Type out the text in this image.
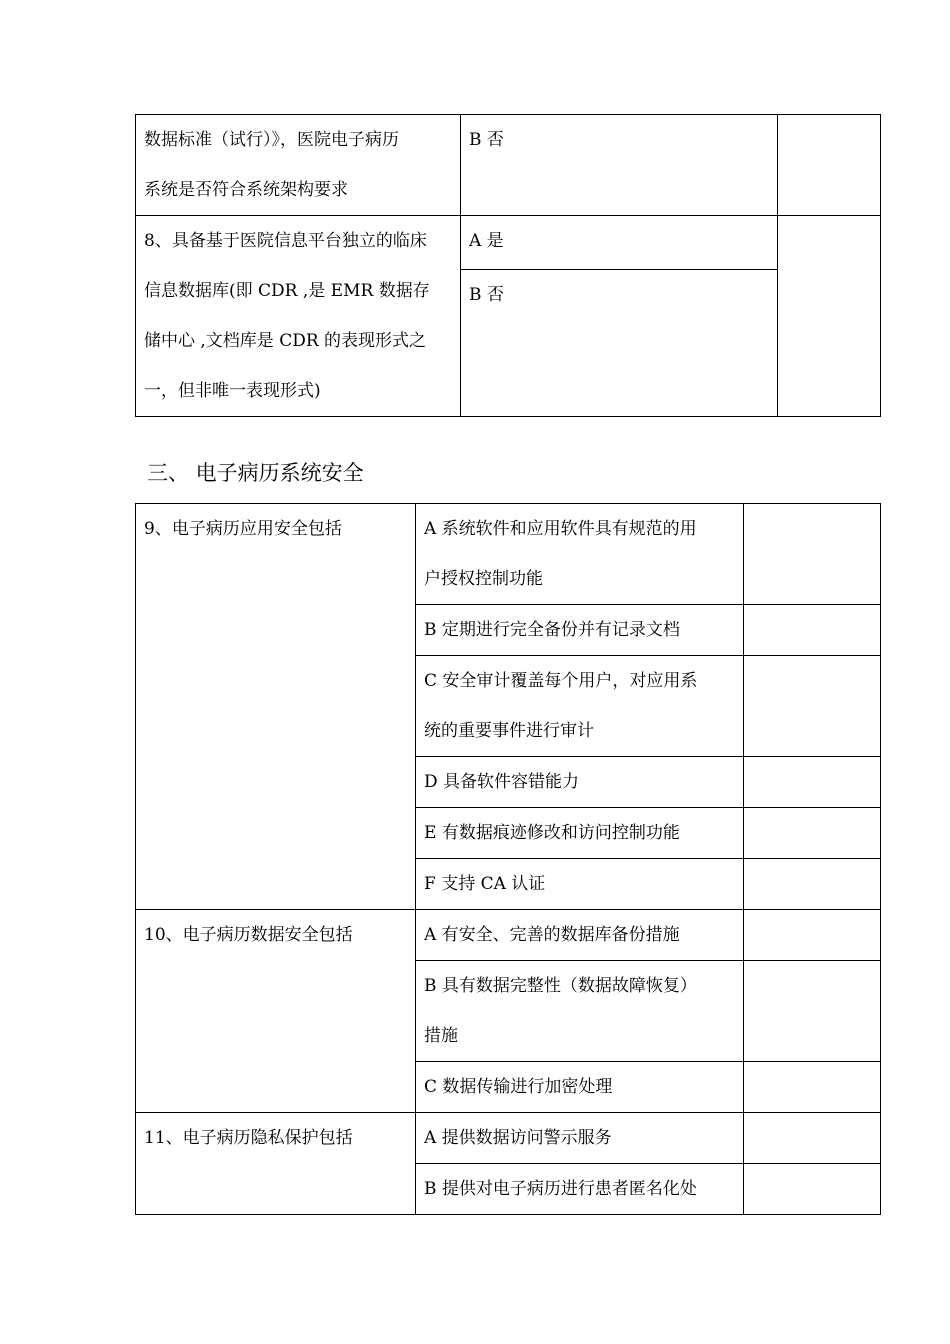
数据标准（试行）》，医院电子病历
系统是否符合系统架构要求	B 否	

8、具备基于医院信息平台独立的临床
信息数据库(即 CDR ,是 EMR 数据存
储中心 ,文档库是 CDR 的表现形式之
一，但非唯一表现形式)	A 是	
	B 否	
三、 电子病历系统安全
9、电子病历应用安全包括	A 系统软件和应用软件具有规范的用
户授权控制功能	

	B 定期进行完全备份并有记录文档	

	C 安全审计覆盖每个用户，对应用系
统的重要事件进行审计	

	D 具备软件容错能力	
	E 有数据痕迹修改和访问控制功能	
	F 支持 CA 认证	
10、电子病历数据安全包括	A 有安全、完善的数据库备份措施	

	B 具有数据完整性（数据故障恢复）
措施	

	C 数据传输进行加密处理	
11、电子病历隐私保护包括	A 提供数据访问警示服务	
	B 提供对电子病历进行患者匿名化处	
